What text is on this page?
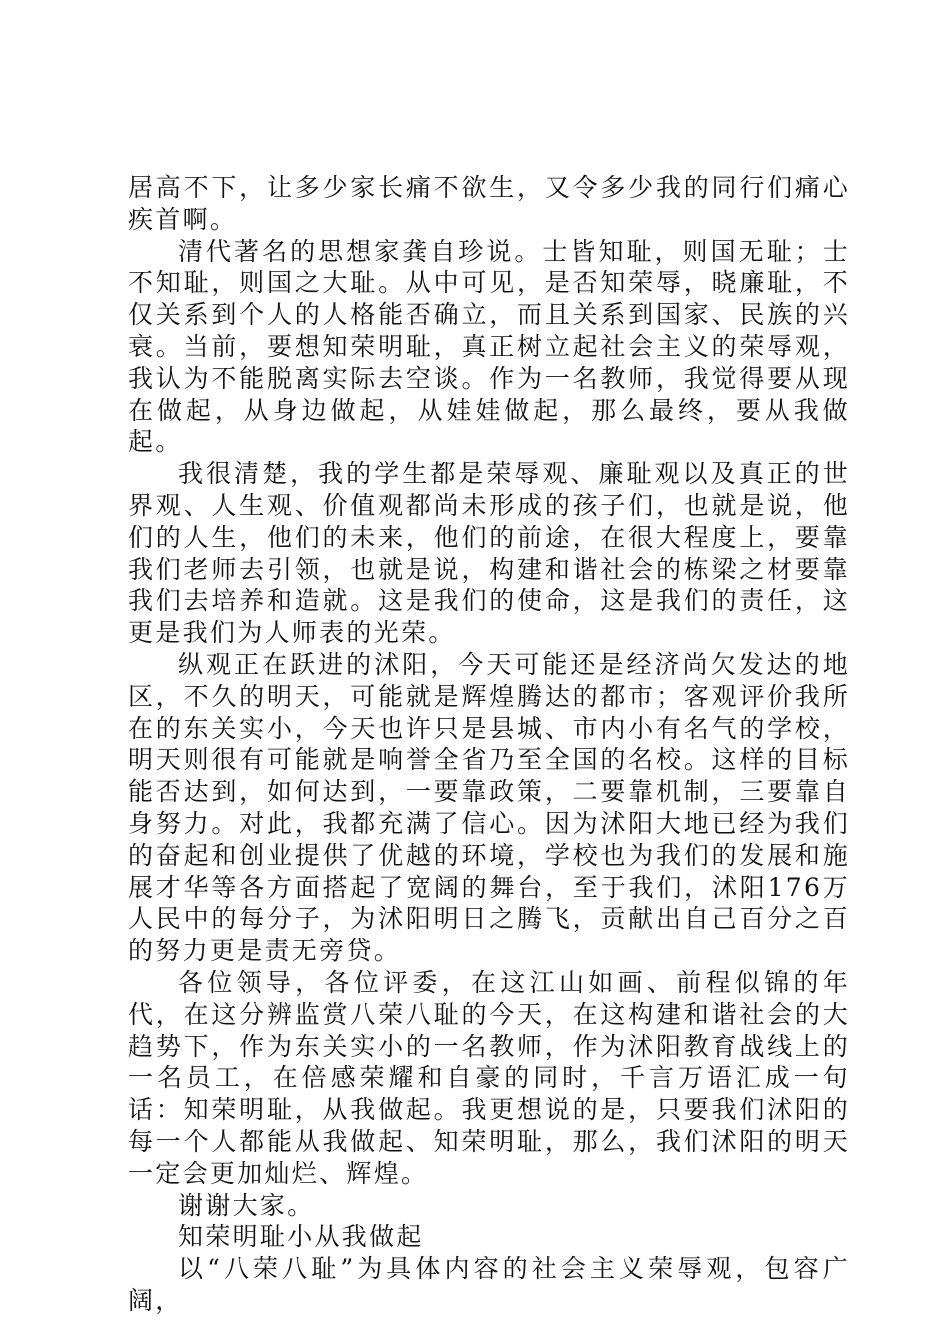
居高不下，让多少家长痛不欲生，又令多少我的同行们痛心疾首啊。

清代著名的思想家龚自珍说。士皆知耻，则国无耻；士不知耻，则国之大耻。从中可见，是否知荣辱，晓廉耻，不仅关系到个人的人格能否确立，而且关系到国家、民族的兴衰。当前，要想知荣明耻，真正树立起社会主义的荣辱观，我认为不能脱离实际去空谈。作为一名教师，我觉得要从现在做起，从身边做起，从娃娃做起，那么最终，要从我做起。

我很清楚，我的学生都是荣辱观、廉耻观以及真正的世界观、人生观、价值观都尚未形成的孩子们，也就是说，他们的人生，他们的未来，他们的前途，在很大程度上，要靠我们老师去引领，也就是说，构建和谐社会的栋梁之材要靠我们去培养和造就。这是我们的使命，这是我们的责任，这更是我们为人师表的光荣。

纵观正在跃进的沭阳，今天可能还是经济尚欠发达的地区，不久的明天，可能就是辉煌腾达的都市；客观评价我所在的东关实小，今天也许只是县城、市内小有名气的学校，明天则很有可能就是响誉全省乃至全国的名校。这样的目标能否达到，如何达到，一要靠政策，二要靠机制，三要靠自身努力。对此，我都充满了信心。因为沭阳大地已经为我们的奋起和创业提供了优越的环境，学校也为我们的发展和施展才华等各方面搭起了宽阔的舞台，至于我们，沭阳176万人民中的每分子，为沭阳明日之腾飞，贡献出自己百分之百的努力更是责无旁贷。

各位领导，各位评委，在这江山如画、前程似锦的年代，在这分辨监赏八荣八耻的今天，在这构建和谐社会的大趋势下，作为东关实小的一名教师，作为沭阳教育战线上的一名员工，在倍感荣耀和自豪的同时，千言万语汇成一句话：知荣明耻，从我做起。我更想说的是，只要我们沭阳的每一个人都能从我做起、知荣明耻，那么，我们沭阳的明天一定会更加灿烂、辉煌。

谢谢大家。

知荣明耻小从我做起

以“八荣八耻”为具体内容的社会主义荣辱观，包容广阔，
